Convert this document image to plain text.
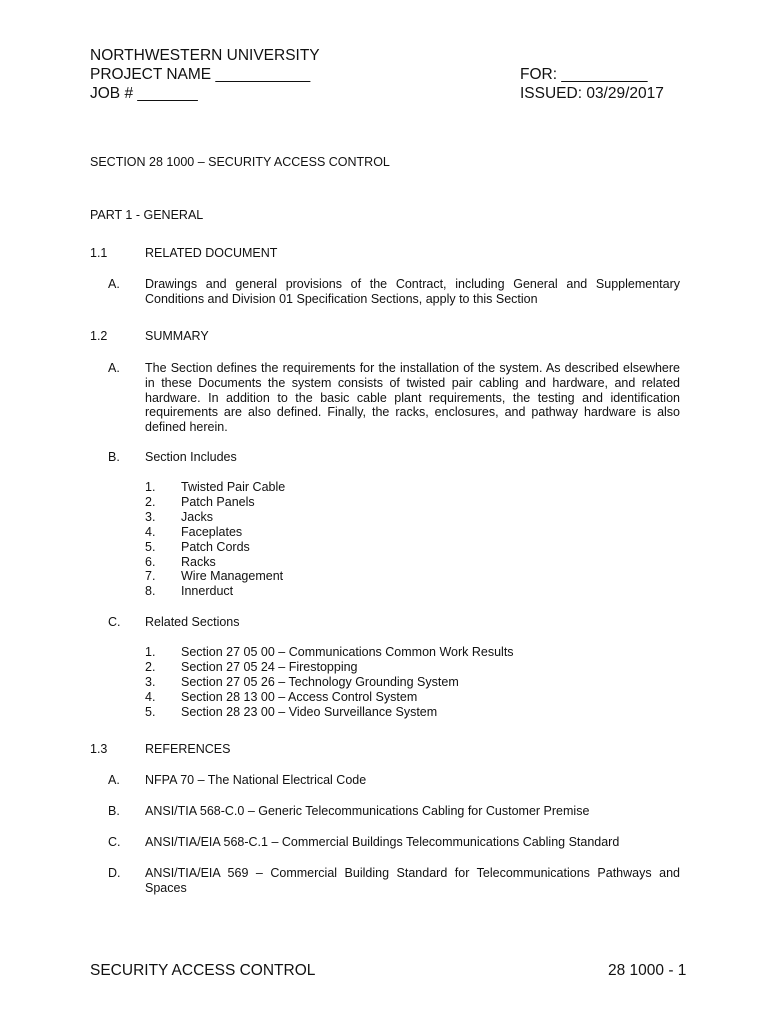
NORTHWESTERN UNIVERSITY
PROJECT NAME ___________
JOB # _______
FOR: __________
ISSUED: 03/29/2017
SECTION 28 1000 – SECURITY ACCESS CONTROL
PART 1 - GENERAL
1.1	RELATED DOCUMENT
A. Drawings and general provisions of the Contract, including General and Supplementary Conditions and Division 01 Specification Sections, apply to this Section

1.2	SUMMARY
A. The Section defines the requirements for the installation of the system. As described elsewhere in these Documents the system consists of twisted pair cabling and hardware, and related hardware. In addition to the basic cable plant requirements, the testing and identification requirements are also defined. Finally, the racks, enclosures, and pathway hardware is also defined herein.

B. Section Includes
1. Twisted Pair Cable
2. Patch Panels
3. Jacks
4. Faceplates
5. Patch Cords
6. Racks
7. Wire Management
8. Innerduct
C. Related Sections
1. Section 27 05 00 – Communications Common Work Results
2. Section 27 05 24 – Firestopping
3. Section 27 05 26 – Technology Grounding System
4. Section 28 13 00 – Access Control System
5. Section 28 23 00 – Video Surveillance System
1.3	REFERENCES
A. NFPA 70 – The National Electrical Code
B. ANSI/TIA 568-C.0 – Generic Telecommunications Cabling for Customer Premise
C. ANSI/TIA/EIA 568-C.1 – Commercial Buildings Telecommunications Cabling Standard
D. ANSI/TIA/EIA 569 – Commercial Building Standard for Telecommunications Pathways and Spaces

SECURITY ACCESS CONTROL	28 1000 - 1
